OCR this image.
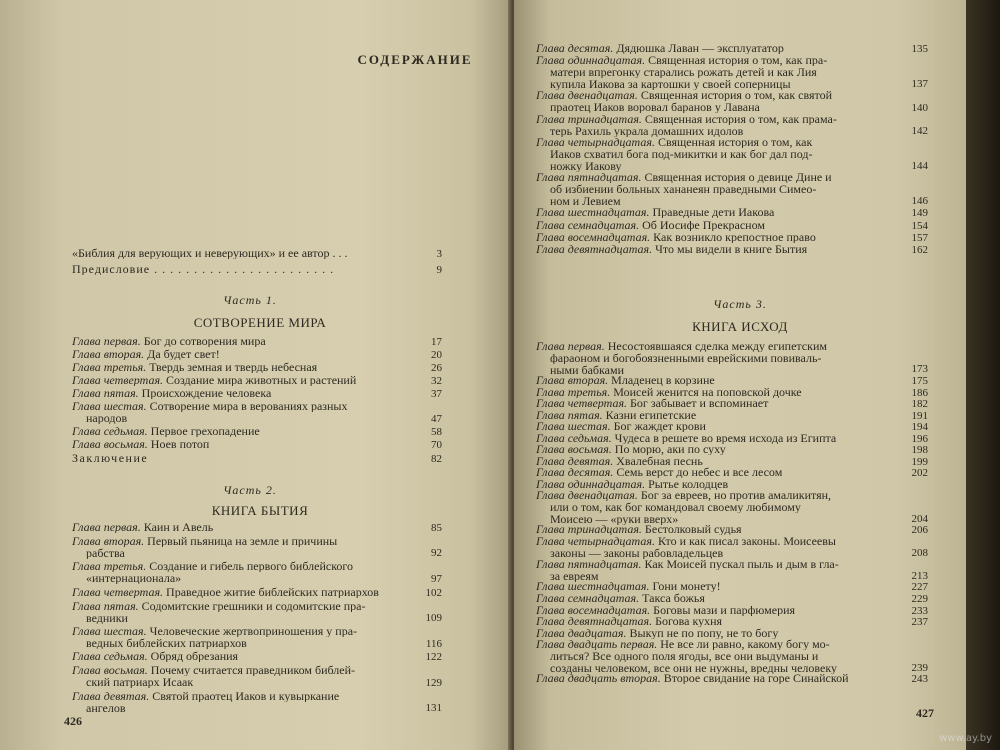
СОДЕРЖАНИЕ
«Библия для верующих и неверующих» и ее автор . . .	3
Предисловие . . . . . . . . . . . . . . . . . . . . . . .	9
Часть 1.
СОТВОРЕНИЕ МИРА
Глава первая. Бог до сотворения мира	17
Глава вторая. Да будет свет!	20
Глава третья. Твердь земная и твердь небесная	26
Глава четвертая. Создание мира животных и растений	32
Глава пятая. Происхождение человека	37
Глава шестая. Сотворение мира в верованиях разных
народов	47
Глава седьмая. Первое грехопадение	58
Глава восьмая. Ноев потоп	70
Заключение	82
Часть 2.
КНИГА БЫТИЯ
Глава первая. Каин и Авель	85
Глава вторая. Первый пьяница на земле и причины
рабства	92
Глава третья. Создание и гибель первого библейского
«интернационала»	97
Глава четвертая. Праведное житие библейских патриархов	102
Глава пятая. Содомитские грешники и содомитские пра-
ведники	109
Глава шестая. Человеческие жертвоприношения у пра-
ведных библейских патриархов	116
Глава седьмая. Обряд обрезания	122
Глава восьмая. Почему считается праведником библей-
ский патриарх Исаак	129
Глава девятая. Святой праотец Иаков и кувыркание
ангелов	131
426
Глава десятая. Дядюшка Лаван — эксплуататор	135
Глава одиннадцатая. Священная история о том, как пра-
матери впрегонку старались рожать детей и как Лия
купила Иакова за картошки у своей соперницы	137
Глава двенадцатая. Священная история о том, как святой
праотец Иаков воровал баранов у Лавана	140
Глава тринадцатая. Священная история о том, как прама-
терь Рахиль украла домашних идолов	142
Глава четырнадцатая. Священная история о том, как
Иаков схватил бога под-микитки и как бог дал под-
ножку Иакову	144
Глава пятнадцатая. Священная история о девице Дине и
об избиении больных хананеян праведными Симео-
ном и Левием	146
Глава шестнадцатая. Праведные дети Иакова	149
Глава семнадцатая. Об Иосифе Прекрасном	154
Глава восемнадцатая. Как возникло крепостное право	157
Глава девятнадцатая. Что мы видели в книге Бытия	162
Часть 3.
КНИГА ИСХОД
Глава первая. Несостоявшаяся сделка между египетским
фараоном и богобоязненными еврейскими повиваль-
ными бабками	173
Глава вторая. Младенец в корзине	175
Глава третья. Моисей женится на поповской дочке	186
Глава четвертая. Бог забывает и вспоминает	182
Глава пятая. Казни египетские	191
Глава шестая. Бог жаждет крови	194
Глава седьмая. Чудеса в решете во время исхода из Египта	196
Глава восьмая. По морю, аки по суху	198
Глава девятая. Хвалебная песнь	199
Глава десятая. Семь верст до небес и все лесом	202
Глава одиннадцатая. Рытье колодцев
Глава двенадцатая. Бог за евреев, но против амаликитян,
или о том, как бог командовал своему любимому
Моисею — «руки вверх»	204
Глава тринадцатая. Бестолковый судья	206
Глава четырнадцатая. Кто и как писал законы. Моисеевы
законы — законы рабовладельцев	208
Глава пятнадцатая. Как Моисей пускал пыль и дым в гла-
за евреям	213
Глава шестнадцатая. Гони монету!	227
Глава семнадцатая. Такса божья	229
Глава восемнадцатая. Боговы мази и парфюмерия	233
Глава девятнадцатая. Богова кухня	237
Глава двадцатая. Выкуп не по попу, не то богу
Глава двадцать первая. Не все ли равно, какому богу мо-
литься? Все одного поля ягоды, все они выдуманы и
созданы человеком, все они не нужны, вредны человеку	239
Глава двадцать вторая. Второе свидание на горе Синайской	243
427
www.ay.by
